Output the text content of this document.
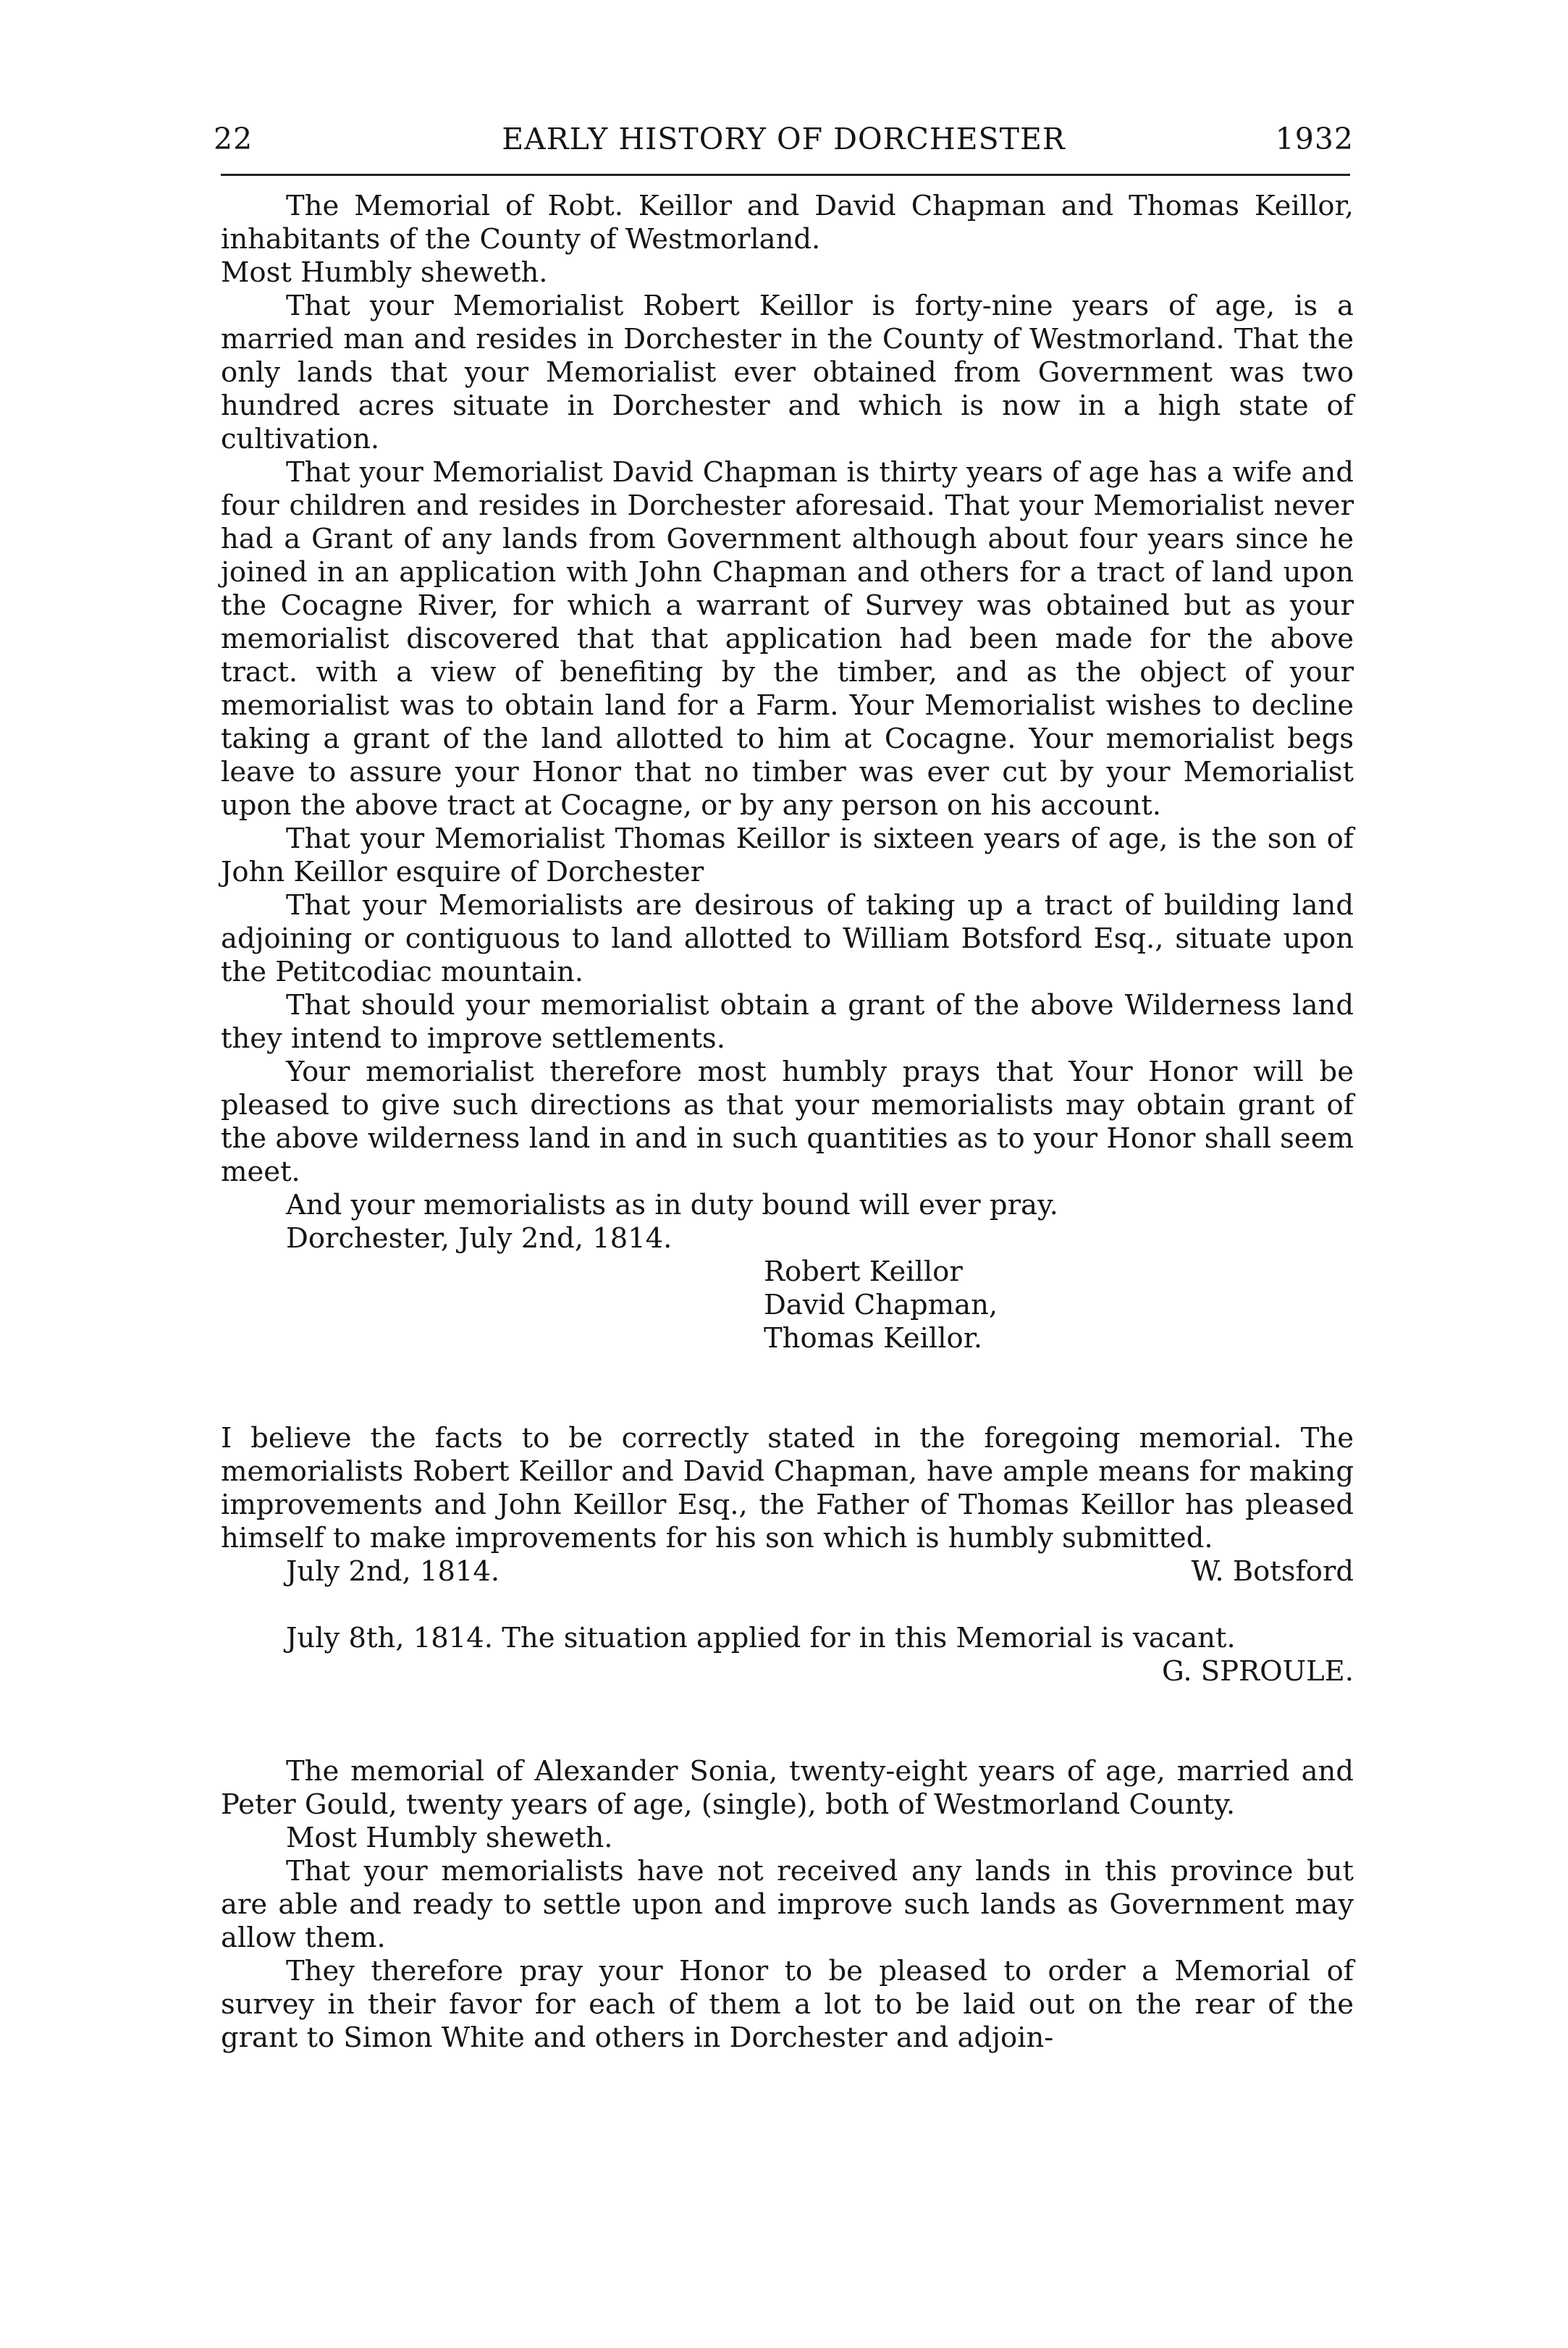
22	EARLY HISTORY OF DORCHESTER	1932

The Memorial of Robt. Keillor and David Chapman and Thomas Keillor, inhabitants of the County of Westmorland.

Most Humbly sheweth.

That your Memorialist Robert Keillor is forty-nine years of age, is a married man and resides in Dorchester in the County of Westmorland. That the only lands that your Memorialist ever obtained from Government was two hundred acres situate in Dorchester and which is now in a high state of cultivation.

That your Memorialist David Chapman is thirty years of age has a wife and four children and resides in Dorchester aforesaid. That your Memorialist never had a Grant of any lands from Government although about four years since he joined in an application with John Chapman and others for a tract of land upon the Cocagne River, for which a warrant of Survey was obtained but as your memorialist discovered that that application had been made for the above tract. with a view of benefiting by the timber, and as the object of your memorialist was to obtain land for a Farm. Your Memorialist wishes to decline taking a grant of the land allotted to him at Cocagne. Your memorialist begs leave to assure your Honor that no timber was ever cut by your Memorialist upon the above tract at Cocagne, or by any person on his account.

That your Memorialist Thomas Keillor is sixteen years of age, is the son of John Keillor esquire of Dorchester

That your Memorialists are desirous of taking up a tract of building land adjoining or contiguous to land allotted to William Botsford Esq., situate upon the Petitcodiac mountain.

That should your memorialist obtain a grant of the above Wilderness land they intend to improve settlements.

Your memorialist therefore most humbly prays that Your Honor will be pleased to give such directions as that your memorialists may obtain grant of the above wilderness land in and in such quantities as to your Honor shall seem meet.

And your memorialists as in duty bound will ever pray.

Dorchester, July 2nd, 1814.

Robert Keillor
David Chapman,
Thomas Keillor.

I believe the facts to be correctly stated in the foregoing memorial. The memorialists Robert Keillor and David Chapman, have ample means for making improvements and John Keillor Esq., the Father of Thomas Keillor has pleased himself to make improvements for his son which is humbly submitted.

July 2nd, 1814.	W. Botsford

July 8th, 1814. The situation applied for in this Memorial is vacant.

G. SPROULE.

The memorial of Alexander Sonia, twenty-eight years of age, married and Peter Gould, twenty years of age, (single), both of Westmorland County.

Most Humbly sheweth.

That your memorialists have not received any lands in this province but are able and ready to settle upon and improve such lands as Government may allow them.

They therefore pray your Honor to be pleased to order a Memorial of survey in their favor for each of them a lot to be laid out on the rear of the grant to Simon White and others in Dorchester and adjoin-
